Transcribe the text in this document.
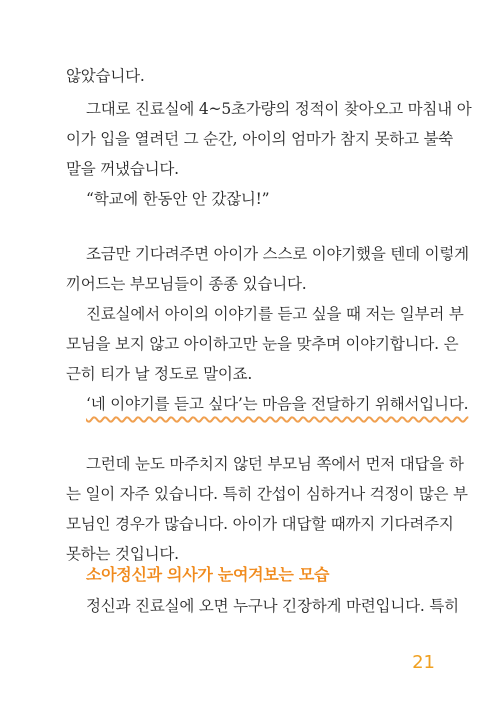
않았습니다.
그대로 진료실에 4~5초가량의 정적이 찾아오고 마침내 아
이가 입을 열려던 그 순간, 아이의 엄마가 참지 못하고 불쑥
말을 꺼냈습니다.
“학교에 한동안 안 갔잖니!”
조금만 기다려주면 아이가 스스로 이야기했을 텐데 이렇게
끼어드는 부모님들이 종종 있습니다.
진료실에서 아이의 이야기를 듣고 싶을 때 저는 일부러 부
모님을 보지 않고 아이하고만 눈을 맞추며 이야기합니다. 은
근히 티가 날 정도로 말이죠.
‘네 이야기를 듣고 싶다’는 마음을 전달하기 위해서입니다.
그런데 눈도 마주치지 않던 부모님 쪽에서 먼저 대답을 하
는 일이 자주 있습니다. 특히 간섭이 심하거나 걱정이 많은 부
모님인 경우가 많습니다. 아이가 대답할 때까지 기다려주지
소아정신과 의사가 눈여겨보는 모습
정신과 진료실에 오면 누구나 긴장하게 마련입니다. 특히
21
못하는 것입니다.
